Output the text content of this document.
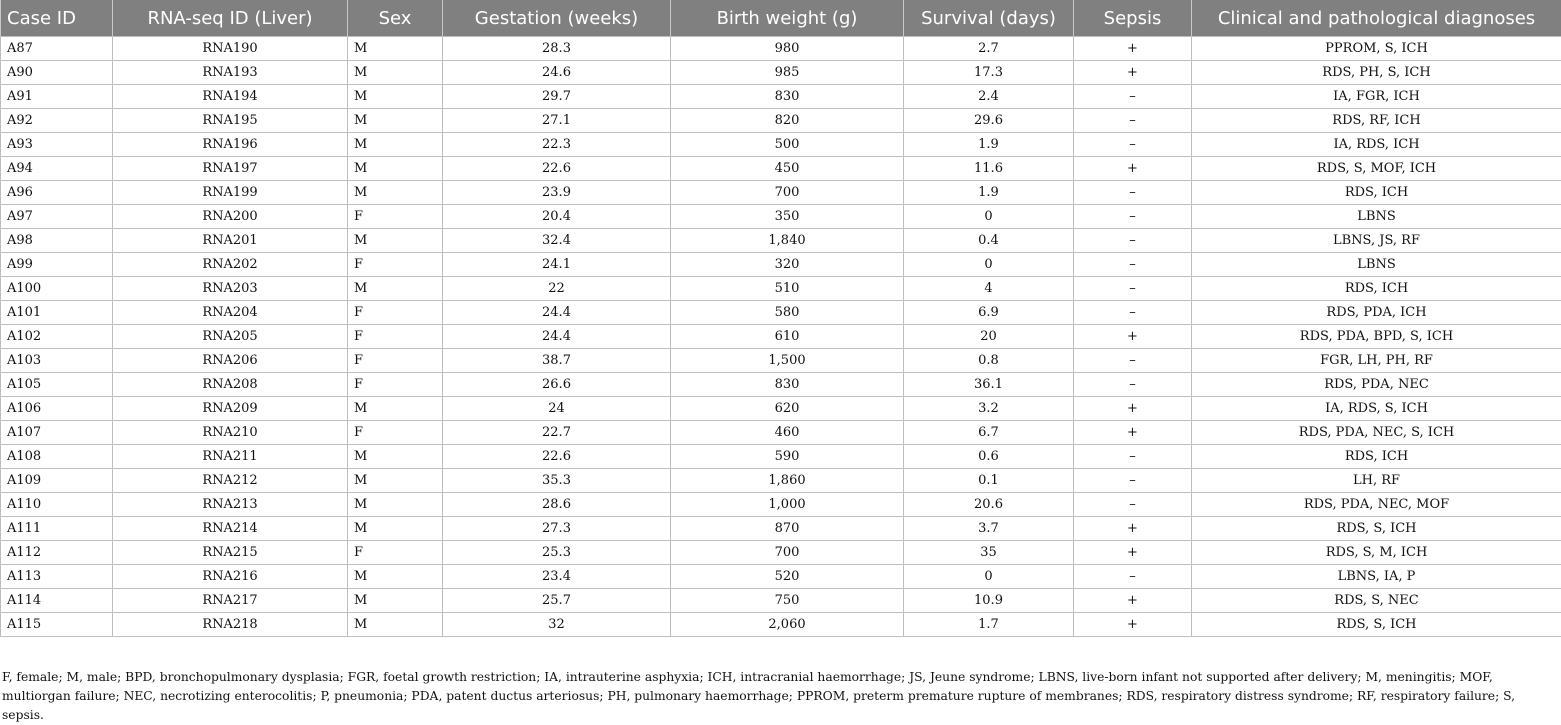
Case ID	RNA-seq ID (Liver)	Sex	Gestation (weeks)	Birth weight (g)	Survival (days)	Sepsis	Clinical and pathological diagnoses
A87	RNA190	M	28.3	980	2.7	+	PPROM, S, ICH
A90	RNA193	M	24.6	985	17.3	+	RDS, PH, S, ICH
A91	RNA194	M	29.7	830	2.4	–	IA, FGR, ICH
A92	RNA195	M	27.1	820	29.6	–	RDS, RF, ICH
A93	RNA196	M	22.3	500	1.9	–	IA, RDS, ICH
A94	RNA197	M	22.6	450	11.6	+	RDS, S, MOF, ICH
A96	RNA199	M	23.9	700	1.9	–	RDS, ICH
A97	RNA200	F	20.4	350	0	–	LBNS
A98	RNA201	M	32.4	1,840	0.4	–	LBNS, JS, RF
A99	RNA202	F	24.1	320	0	–	LBNS
A100	RNA203	M	22	510	4	–	RDS, ICH
A101	RNA204	F	24.4	580	6.9	–	RDS, PDA, ICH
A102	RNA205	F	24.4	610	20	+	RDS, PDA, BPD, S, ICH
A103	RNA206	F	38.7	1,500	0.8	–	FGR, LH, PH, RF
A105	RNA208	F	26.6	830	36.1	–	RDS, PDA, NEC
A106	RNA209	M	24	620	3.2	+	IA, RDS, S, ICH
A107	RNA210	F	22.7	460	6.7	+	RDS, PDA, NEC, S, ICH
A108	RNA211	M	22.6	590	0.6	–	RDS, ICH
A109	RNA212	M	35.3	1,860	0.1	–	LH, RF
A110	RNA213	M	28.6	1,000	20.6	–	RDS, PDA, NEC, MOF
A111	RNA214	M	27.3	870	3.7	+	RDS, S, ICH
A112	RNA215	F	25.3	700	35	+	RDS, S, M, ICH
A113	RNA216	M	23.4	520	0	–	LBNS, IA, P
A114	RNA217	M	25.7	750	10.9	+	RDS, S, NEC
A115	RNA218	M	32	2,060	1.7	+	RDS, S, ICH
F, female; M, male; BPD, bronchopulmonary dysplasia; FGR, foetal growth restriction; IA, intrauterine asphyxia; ICH, intracranial haemorrhage; JS, Jeune syndrome; LBNS, live-born infant not supported after delivery; M, meningitis; MOF, multiorgan failure; NEC, necrotizing enterocolitis; P, pneumonia; PDA, patent ductus arteriosus; PH, pulmonary haemorrhage; PPROM, preterm premature rupture of membranes; RDS, respiratory distress syndrome; RF, respiratory failure; S, sepsis.
